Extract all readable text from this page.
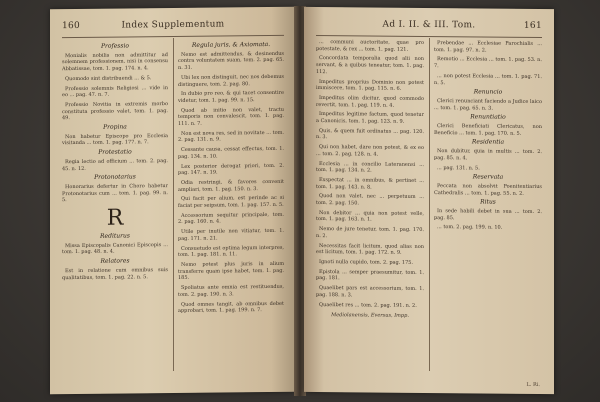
160	Index Supplementum
Professio
Monialis nobilis non admittitur ad solemnem professionem, nisi in consensu Abbatissae, tom. 1. pag. 174. n. 4.
Quomodo sint distribuendi ... & 5.
Professio solemnis Religiosi ... vide in eo ... pag. 47. n. 7.
Professio Novitia in extremis morbo constituta professio valet, tom. 1. pag. 49.
Propina
Non habetur Episcopo pro Ecclesia visitanda ... tom. 1. pag. 177. n. 7.
Protestatio
Regia lectio ad officium ... tom. 2. pag. 45. n. 12.
Protonotarius
Honorarius defertur in Choro habetur Protonotarius cum ... tom. 1. pag. 99. n. 5.
R
Rediturus
Missa Episcopalis Canonici Episcopis ... tom. 1. pag. 48. n. 4.
Relatores
Est in relatione cum omnibus suis qualitatibus, tom. 1. pag. 22. n. 5.
Regula juris, & Axiomata.
Nemo est admittendus, & desinendus contra voluntatem suam, tom. 2. pag. 65. n. 31.
Ubi lex non distinguit, nec nos debemus distinguere, tom. 2. pag. 80.
In dubio pro reo, & qui tacet consentire videtur, tom. 1. pag. 99. n. 15.
Quod ab initio non valet, tractu temporis non convalescit, tom. 1. pag. 111. n. 7.
Non est nova res, sed in novitate ... tom. 2. pag. 131. n. 9.
Cessante causa, cessat effectus, tom. 1. pag. 134. n. 10.
Lex posterior derogat priori, tom. 2. pag. 147. n. 19.
Odia restringi, & favores convenit ampliari, tom. 1. pag. 150. n. 3.
Qui facit per alium, est perinde ac si faciat per seipsum, tom. 1. pag. 157. n. 5.
Accessorium sequitur principale, tom. 2. pag. 160. n. 4.
Utile per inutile non vitiatur, tom. 1. pag. 171. n. 21.
Consuetudo est optima legum interpres, tom. 1. pag. 181. n. 11.
Nemo potest plus juris in alium transferre quam ipse habet, tom. 1. pag. 185.
Spoliatus ante omnia est restituendus, tom. 2. pag. 190. n. 3.
Quod omnes tangit, ab omnibus debet approbari, tom. 1. pag. 199. n. 7.
Ad I. II. & III. Tom.	161
... communi auctoritate, quae pro potestate, & rex ... tom. 1. pag. 121.
Concordata temporalia quod alii non servant, & a quibus teneatur, tom. 1. pag. 112.
Impeditus proprius Dominio non potest immiscere, tom. 1. pag. 115. n. 6.
Impeditus olim dicitur, quod commodo revertit, tom. 1. pag. 119. n. 4.
Impeditus legitime factum, quod tenetur a Canonicis, tom. 1. pag. 123. n. 9.
Quis, & quem fuit ordinatus ... pag. 120. n. 3.
Qui non habet, dare non potest, & ex eo ... tom. 2. pag. 128. n. 4.
Ecclesia ... in concilio Lateranensi ... tom. 1. pag. 134. n. 2.
Exspectat ... in omnibus, & pertinet ... tom. 1. pag. 143. n. 8.
Quod non valet, nec ... perpetuum ... tom. 2. pag. 150.
Non debitor ... quia non potest velle, tom. 1. pag. 163. n. 1.
Nemo de jure tenetur, tom. 1. pag. 170. n. 2.
Necessitas facit licitum, quod alias non est licitum, tom. 1. pag. 172. n. 9.
Ignoti nulla cupido, tom. 2. pag. 175.
Epistola ... semper praesumitur, tom. 1. pag. 181.
Quaelibet pars est accessorium, tom. 1. pag. 188. n. 3.
Quaelibet res ... tom. 2. pag. 191. n. 2.
Mediolanensis, Eversus, Impp.
Prebendae ... Ecclesiae Parochialis ... tom. 1. pag. 97. n. 2.
Remotio ... Ecclesia ... tom. 1. pag. 53. n. 7.
... non potest Ecclesia ... tom. 1. pag. 71. n. 5.
Renuncio
Clerici renunciant faciendo a Judice laico ... tom. 1. pag. 65. n. 3.
Renuntiatio
Clerici Beneficiati Clericatus, non Beneficio ... tom. 1. pag. 170. n. 5.
Residentia
Non dubitur, quia in multis ... tom. 2. pag. 85. n. 4.
... pag. 131. n. 5.
Reservata
Peccata non absolvit Poenitentiarius Cathedralis ... tom. 1. pag. 55. n. 2.
Ritus
In sede habili debet in sua ... tom. 2. pag. 85.
... tom. 2. pag. 199. n. 10.
L. Ri.
